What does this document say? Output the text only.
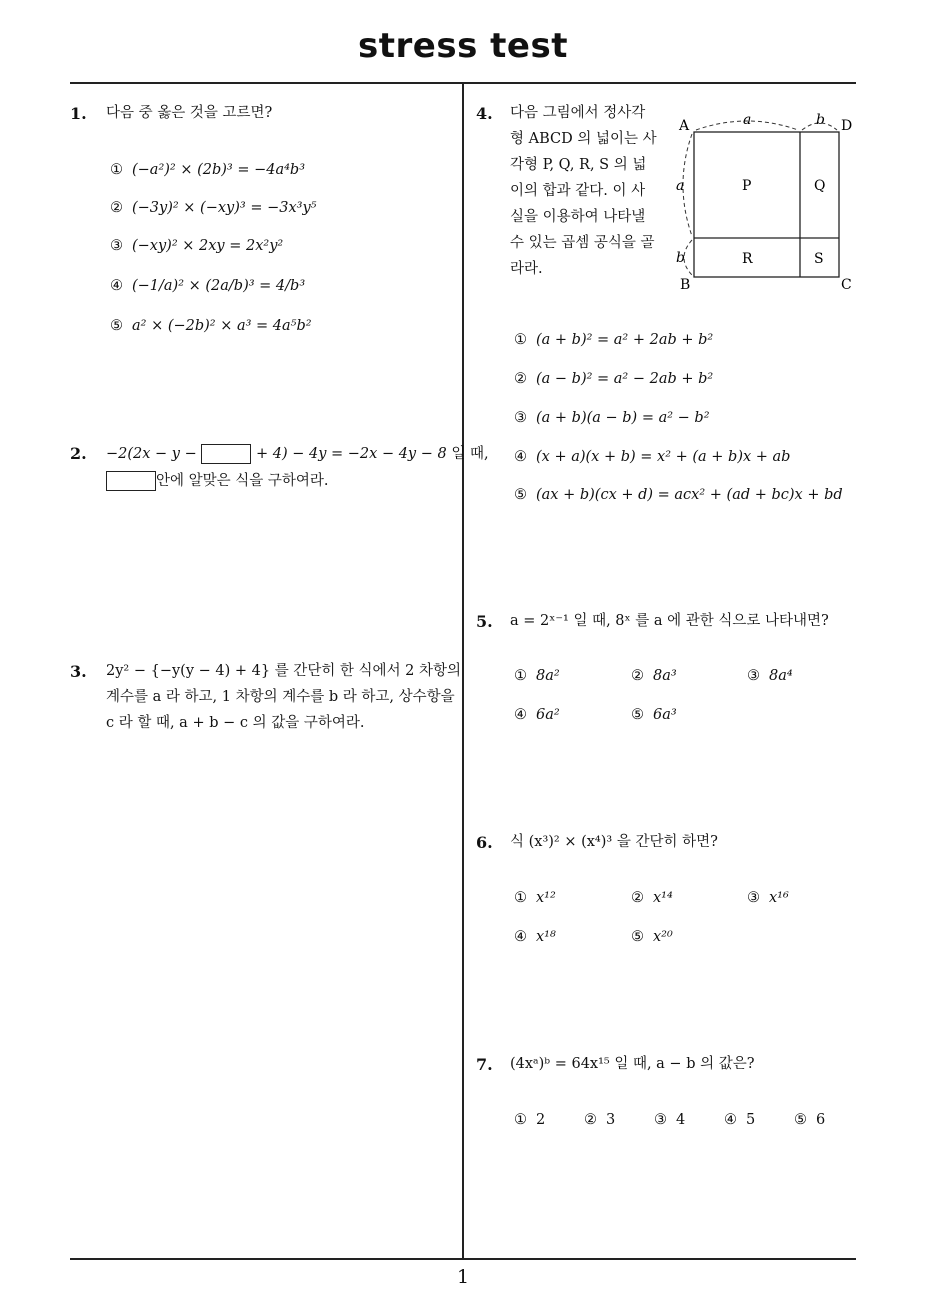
stress test
1
1. 다음 중 옳은 것을 고르면?
① (−a²)² × (2b)³ = −4a⁴b³
② (−3y)² × (−xy)³ = −3x³y⁵
③ (−xy)² × 2xy = 2x²y²
④ (−1/a)² × (2a/b)³ = 4/b³
⑤ a² × (−2b)² × a³ = 4a⁵b²
2. −2(2x − y −	+ 4) − 4y = −2x − 4y − 8 일 때,
안에 알맞은 식을 구하여라.
3. 2y² − {−y(y − 4) + 4} 를 간단히 한 식에서 2 차항의
계수를 a 라 하고, 1 차항의 계수를 b 라 하고, 상수항을
c 라 할 때, a + b − c 의 값을 구하여라.
4. 다음 그림에서 정사각
형 ABCD 의 넓이는 사
각형 P, Q, R, S 의 넓
이의 합과 같다. 이 사
실을 이용하여 나타낼
수 있는 곱셈 공식을 골
라라.
A	D
B	C
a	b
a
b
P	Q
R	S
① (a + b)² = a² + 2ab + b²
② (a − b)² = a² − 2ab + b²
③ (a + b)(a − b) = a² − b²
④ (x + a)(x + b) = x² + (a + b)x + ab
⑤ (ax + b)(cx + d) = acx² + (ad + bc)x + bd
5. a = 2ˣ⁻¹ 일 때, 8ˣ 를 a 에 관한 식으로 나타내면?
① 8a²	② 8a³	③ 8a⁴
④ 6a²	⑤ 6a³
6. 식 (x³)² × (x⁴)³ 을 간단히 하면?
① x¹²	② x¹⁴	③ x¹⁶
④ x¹⁸	⑤ x²⁰
7. (4xᵃ)ᵇ = 64x¹⁵ 일 때, a − b 의 값은?
① 2	② 3	③ 4	④ 5	⑤ 6
